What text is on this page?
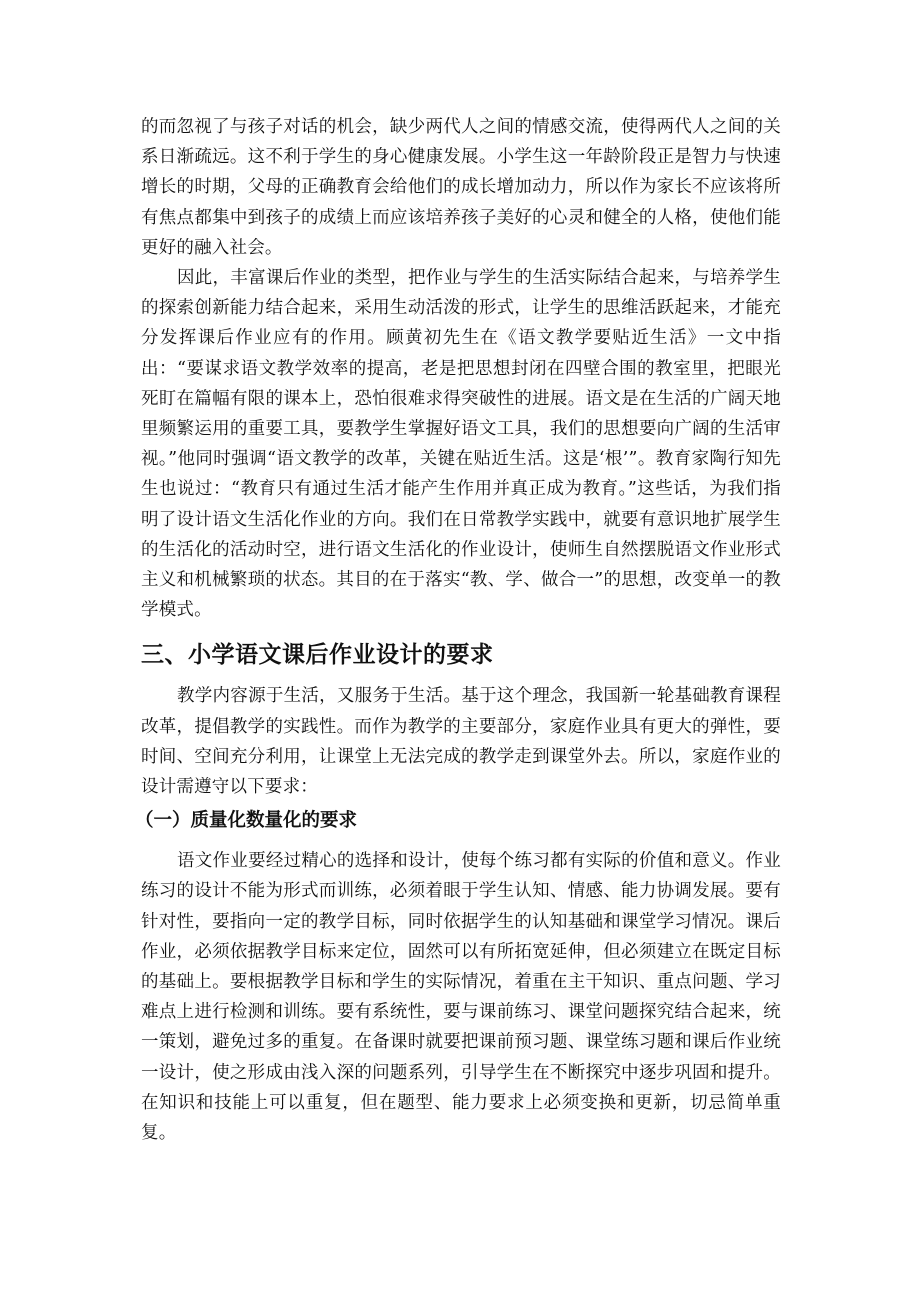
的而忽视了与孩子对话的机会，缺少两代人之间的情感交流，使得两代人之间的关系日渐疏远。这不利于学生的身心健康发展。小学生这一年龄阶段正是智力与快速增长的时期，父母的正确教育会给他们的成长增加动力，所以作为家长不应该将所有焦点都集中到孩子的成绩上而应该培养孩子美好的心灵和健全的人格，使他们能更好的融入社会。

因此，丰富课后作业的类型，把作业与学生的生活实际结合起来，与培养学生的探索创新能力结合起来，采用生动活泼的形式，让学生的思维活跃起来，才能充分发挥课后作业应有的作用。顾黄初先生在《语文教学要贴近生活》一文中指出：“要谋求语文教学效率的提高，老是把思想封闭在四壁合围的教室里，把眼光死盯在篇幅有限的课本上，恐怕很难求得突破性的进展。语文是在生活的广阔天地里频繁运用的重要工具，要教学生掌握好语文工具，我们的思想要向广阔的生活审视。”他同时强调“语文教学的改革，关键在贴近生活。这是‘根’”。教育家陶行知先生也说过：“教育只有通过生活才能产生作用并真正成为教育。”这些话，为我们指明了设计语文生活化作业的方向。我们在日常教学实践中，就要有意识地扩展学生的生活化的活动时空，进行语文生活化的作业设计，使师生自然摆脱语文作业形式主义和机械繁琐的状态。其目的在于落实“教、学、做合一”的思想，改变单一的教学模式。

三、小学语文课后作业设计的要求

教学内容源于生活，又服务于生活。基于这个理念，我国新一轮基础教育课程改革，提倡教学的实践性。而作为教学的主要部分，家庭作业具有更大的弹性，要时间、空间充分利用，让课堂上无法完成的教学走到课堂外去。所以，家庭作业的设计需遵守以下要求：

（一）质量化数量化的要求

语文作业要经过精心的选择和设计，使每个练习都有实际的价值和意义。作业练习的设计不能为形式而训练，必须着眼于学生认知、情感、能力协调发展。要有针对性，要指向一定的教学目标，同时依据学生的认知基础和课堂学习情况。课后作业，必须依据教学目标来定位，固然可以有所拓宽延伸，但必须建立在既定目标的基础上。要根据教学目标和学生的实际情况，着重在主干知识、重点问题、学习难点上进行检测和训练。要有系统性，要与课前练习、课堂问题探究结合起来，统一策划，避免过多的重复。在备课时就要把课前预习题、课堂练习题和课后作业统一设计，使之形成由浅入深的问题系列，引导学生在不断探究中逐步巩固和提升。在知识和技能上可以重复，但在题型、能力要求上必须变换和更新，切忌简单重复。
